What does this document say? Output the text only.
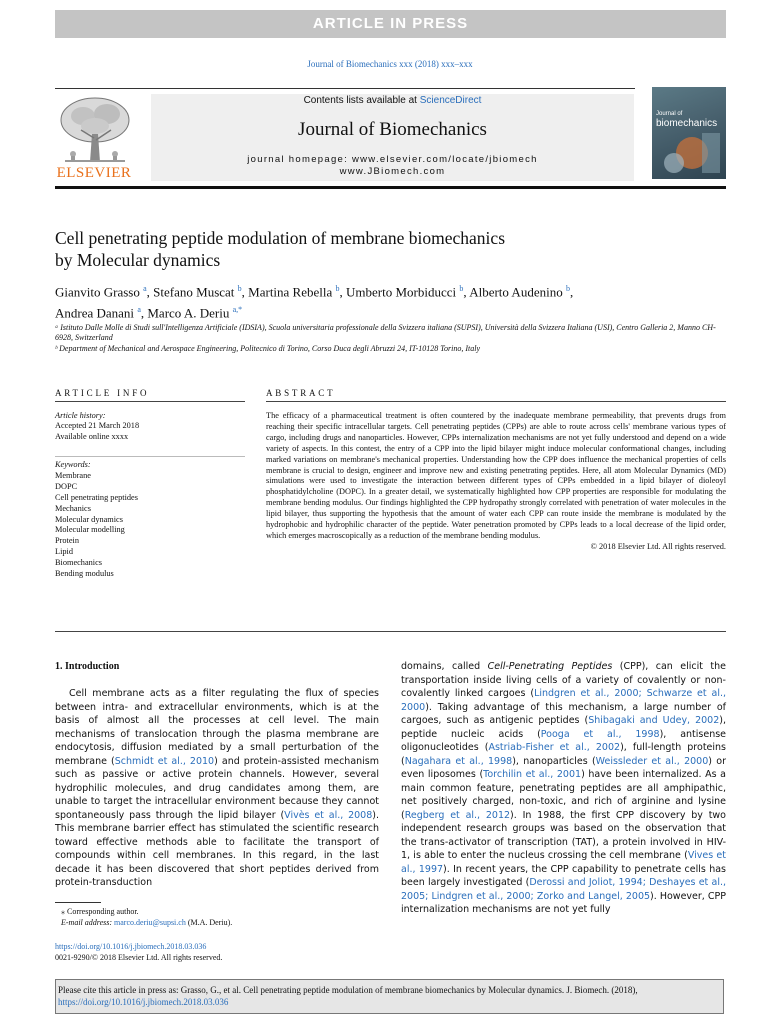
ARTICLE IN PRESS
Journal of Biomechanics xxx (2018) xxx–xxx
ELSEVIER
Contents lists available at ScienceDirect
Journal of Biomechanics
journal homepage: www.elsevier.com/locate/jbiomech
www.JBiomech.com
Journal of
biomechanics
Cell penetrating peptide modulation of membrane biomechanics
by Molecular dynamics
Gianvito Grasso $^a$, Stefano Muscat $^b$, Martina Rebella $^b$, Umberto Morbiducci $^b$, Alberto Audenino $^b$,
Andrea Danani $^a$, Marco A. Deriu $^{a,*}$
ᵃ Istituto Dalle Molle di Studi sull'Intelligenza Artificiale (IDSIA), Scuola universitaria professionale della Svizzera italiana (SUPSI), Università della Svizzera Italiana (USI), Centro Galleria 2, Manno CH-6928, Switzerland
ᵇ Department of Mechanical and Aerospace Engineering, Politecnico di Torino, Corso Duca degli Abruzzi 24, IT-10128 Torino, Italy
ARTICLE INFO	ABSTRACT
Article history:
Accepted 21 March 2018
Available online xxxx
Keywords:
Membrane
DOPC
Cell penetrating peptides
Mechanics
Molecular dynamics
Molecular modelling
Protein
Lipid
Biomechanics
Bending modulus
The efficacy of a pharmaceutical treatment is often countered by the inadequate membrane permeability, that prevents drugs from reaching their specific intracellular targets. Cell penetrating peptides (CPPs) are able to route across cells' membrane various types of cargo, including drugs and nanoparticles. However, CPPs internalization mechanisms are not yet fully understood and depend on a wide variety of aspects. In this contest, the entry of a CPP into the lipid bilayer might induce molecular conformational changes, including marked variations on membrane's mechanical properties. Understanding how the CPP does influence the mechanical properties of cells membrane is crucial to design, engineer and improve new and existing penetrating peptides. Here, all atom Molecular Dynamics (MD) simulations were used to investigate the interaction between different types of CPPs embedded in a lipid bilayer of dioleoyl phosphatidylcholine (DOPC). In a greater detail, we systematically highlighted how CPP properties are responsible for modulating the membrane bending modulus. Our findings highlighted the CPP hydropathy strongly correlated with penetration of water molecules in the lipid bilayer, thus supporting the hypothesis that the amount of water each CPP can route inside the membrane is modulated by the hydrophobic and hydrophilic character of the peptide. Water penetration promoted by CPPs leads to a local decrease of the lipid order, which emerges macroscopically as a reduction of the membrane bending modulus.
© 2018 Elsevier Ltd. All rights reserved.
1. Introduction

Cell membrane acts as a filter regulating the flux of species between intra- and extracellular environments, which is at the basis of almost all the processes at cell level. The main mechanisms of translocation through the plasma membrane are endocytosis, diffusion mediated by a small perturbation of the membrane (Schmidt et al., 2010) and protein-assisted mechanism such as passive or active protein channels. However, several hydrophilic molecules, and drug candidates among them, are unable to target the intracellular environment because they cannot spontaneously pass through the lipid bilayer (Vivès et al., 2008). This membrane barrier effect has stimulated the scientific research toward effective methods able to facilitate the transport of compounds within cell membranes. In this regard, in the last decade it has been discovered that short peptides derived from protein-transduction

domains, called Cell-Penetrating Peptides (CPP), can elicit the transportation inside living cells of a variety of covalently or non-covalently linked cargoes (Lindgren et al., 2000; Schwarze et al., 2000). Taking advantage of this mechanism, a large number of cargoes, such as antigenic peptides (Shibagaki and Udey, 2002), peptide nucleic acids (Pooga et al., 1998), antisense oligonucleotides (Astriab-Fisher et al., 2002), full-length proteins (Nagahara et al., 1998), nanoparticles (Weissleder et al., 2000) or even liposomes (Torchilin et al., 2001) have been internalized. As a main common feature, penetrating peptides are all amphipathic, net positively charged, non-toxic, and rich of arginine and lysine (Regberg et al., 2012). In 1988, the first CPP discovery by two independent research groups was based on the observation that the trans-activator of transcription (TAT), a protein involved in HIV-1, is able to enter the nucleus crossing the cell membrane (Vives et al., 1997). In recent years, the CPP capability to penetrate cells has been largely investigated (Derossi and Joliot, 1994; Deshayes et al., 2005; Lindgren et al., 2000; Zorko and Langel, 2005). However, CPP internalization mechanisms are not yet fully

⁎ Corresponding author.
E-mail address: marco.deriu@supsi.ch (M.A. Deriu).
https://doi.org/10.1016/j.jbiomech.2018.03.036
0021-9290/© 2018 Elsevier Ltd. All rights reserved.
Please cite this article in press as: Grasso, G., et al. Cell penetrating peptide modulation of membrane biomechanics by Molecular dynamics. J. Biomech. (2018), https://doi.org/10.1016/j.jbiomech.2018.03.036
